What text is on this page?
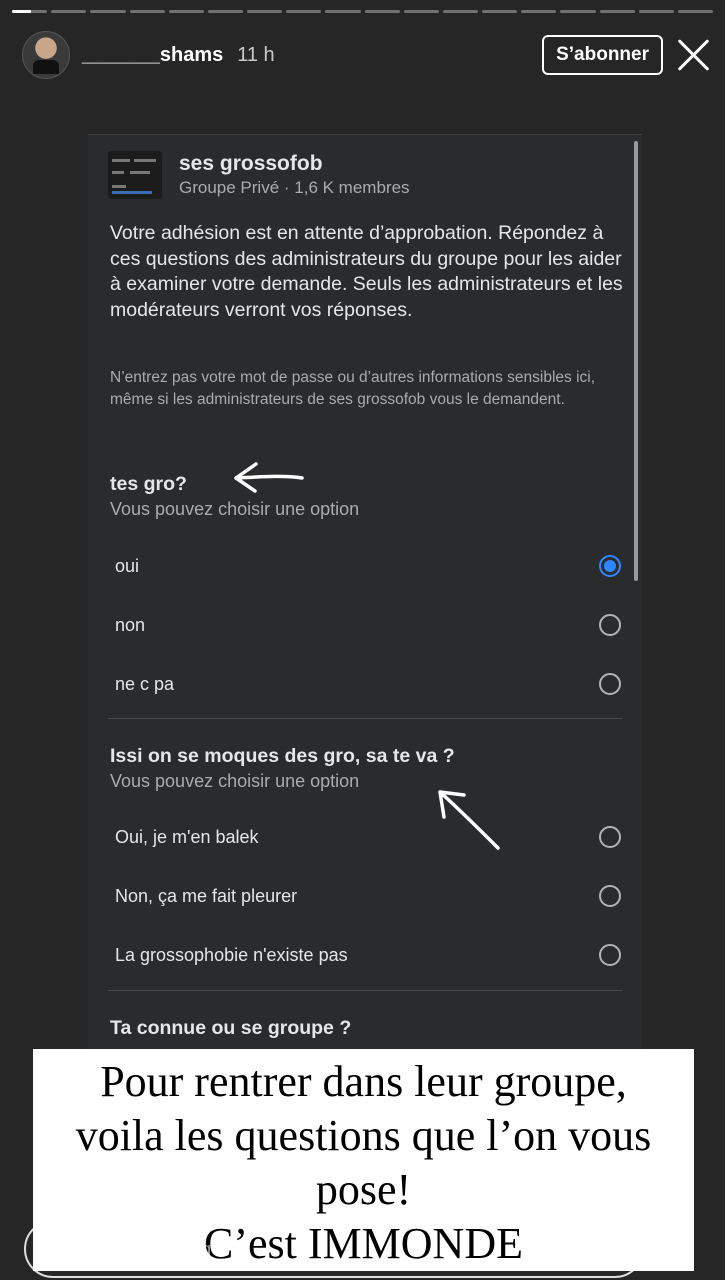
_______shams 11 h	S’abonner
ses grossofob
Groupe Privé · 1,6 K membres
Votre adhésion est en attente d’approbation. Répondez à ces questions des administrateurs du groupe pour les aider à examiner votre demande. Seuls les administrateurs et les modérateurs verront vos réponses.
N’entrez pas votre mot de passe ou d’autres informations sensibles ici, même si les administrateurs de ses grossofob vous le demandent.
tes gro?
Vous pouvez choisir une option
oui
non
ne c pa
Issi on se moques des gro, sa te va ?
Vous pouvez choisir une option
Oui, je m'en balek
Non, ça me fait pleurer
La grossophobie n'existe pas
Ta connue ou se groupe ?
Pour rentrer dans leur groupe,
voila les questions que l’on vous
pose!
C’est IMMONDE
Envoyer un message	•••
